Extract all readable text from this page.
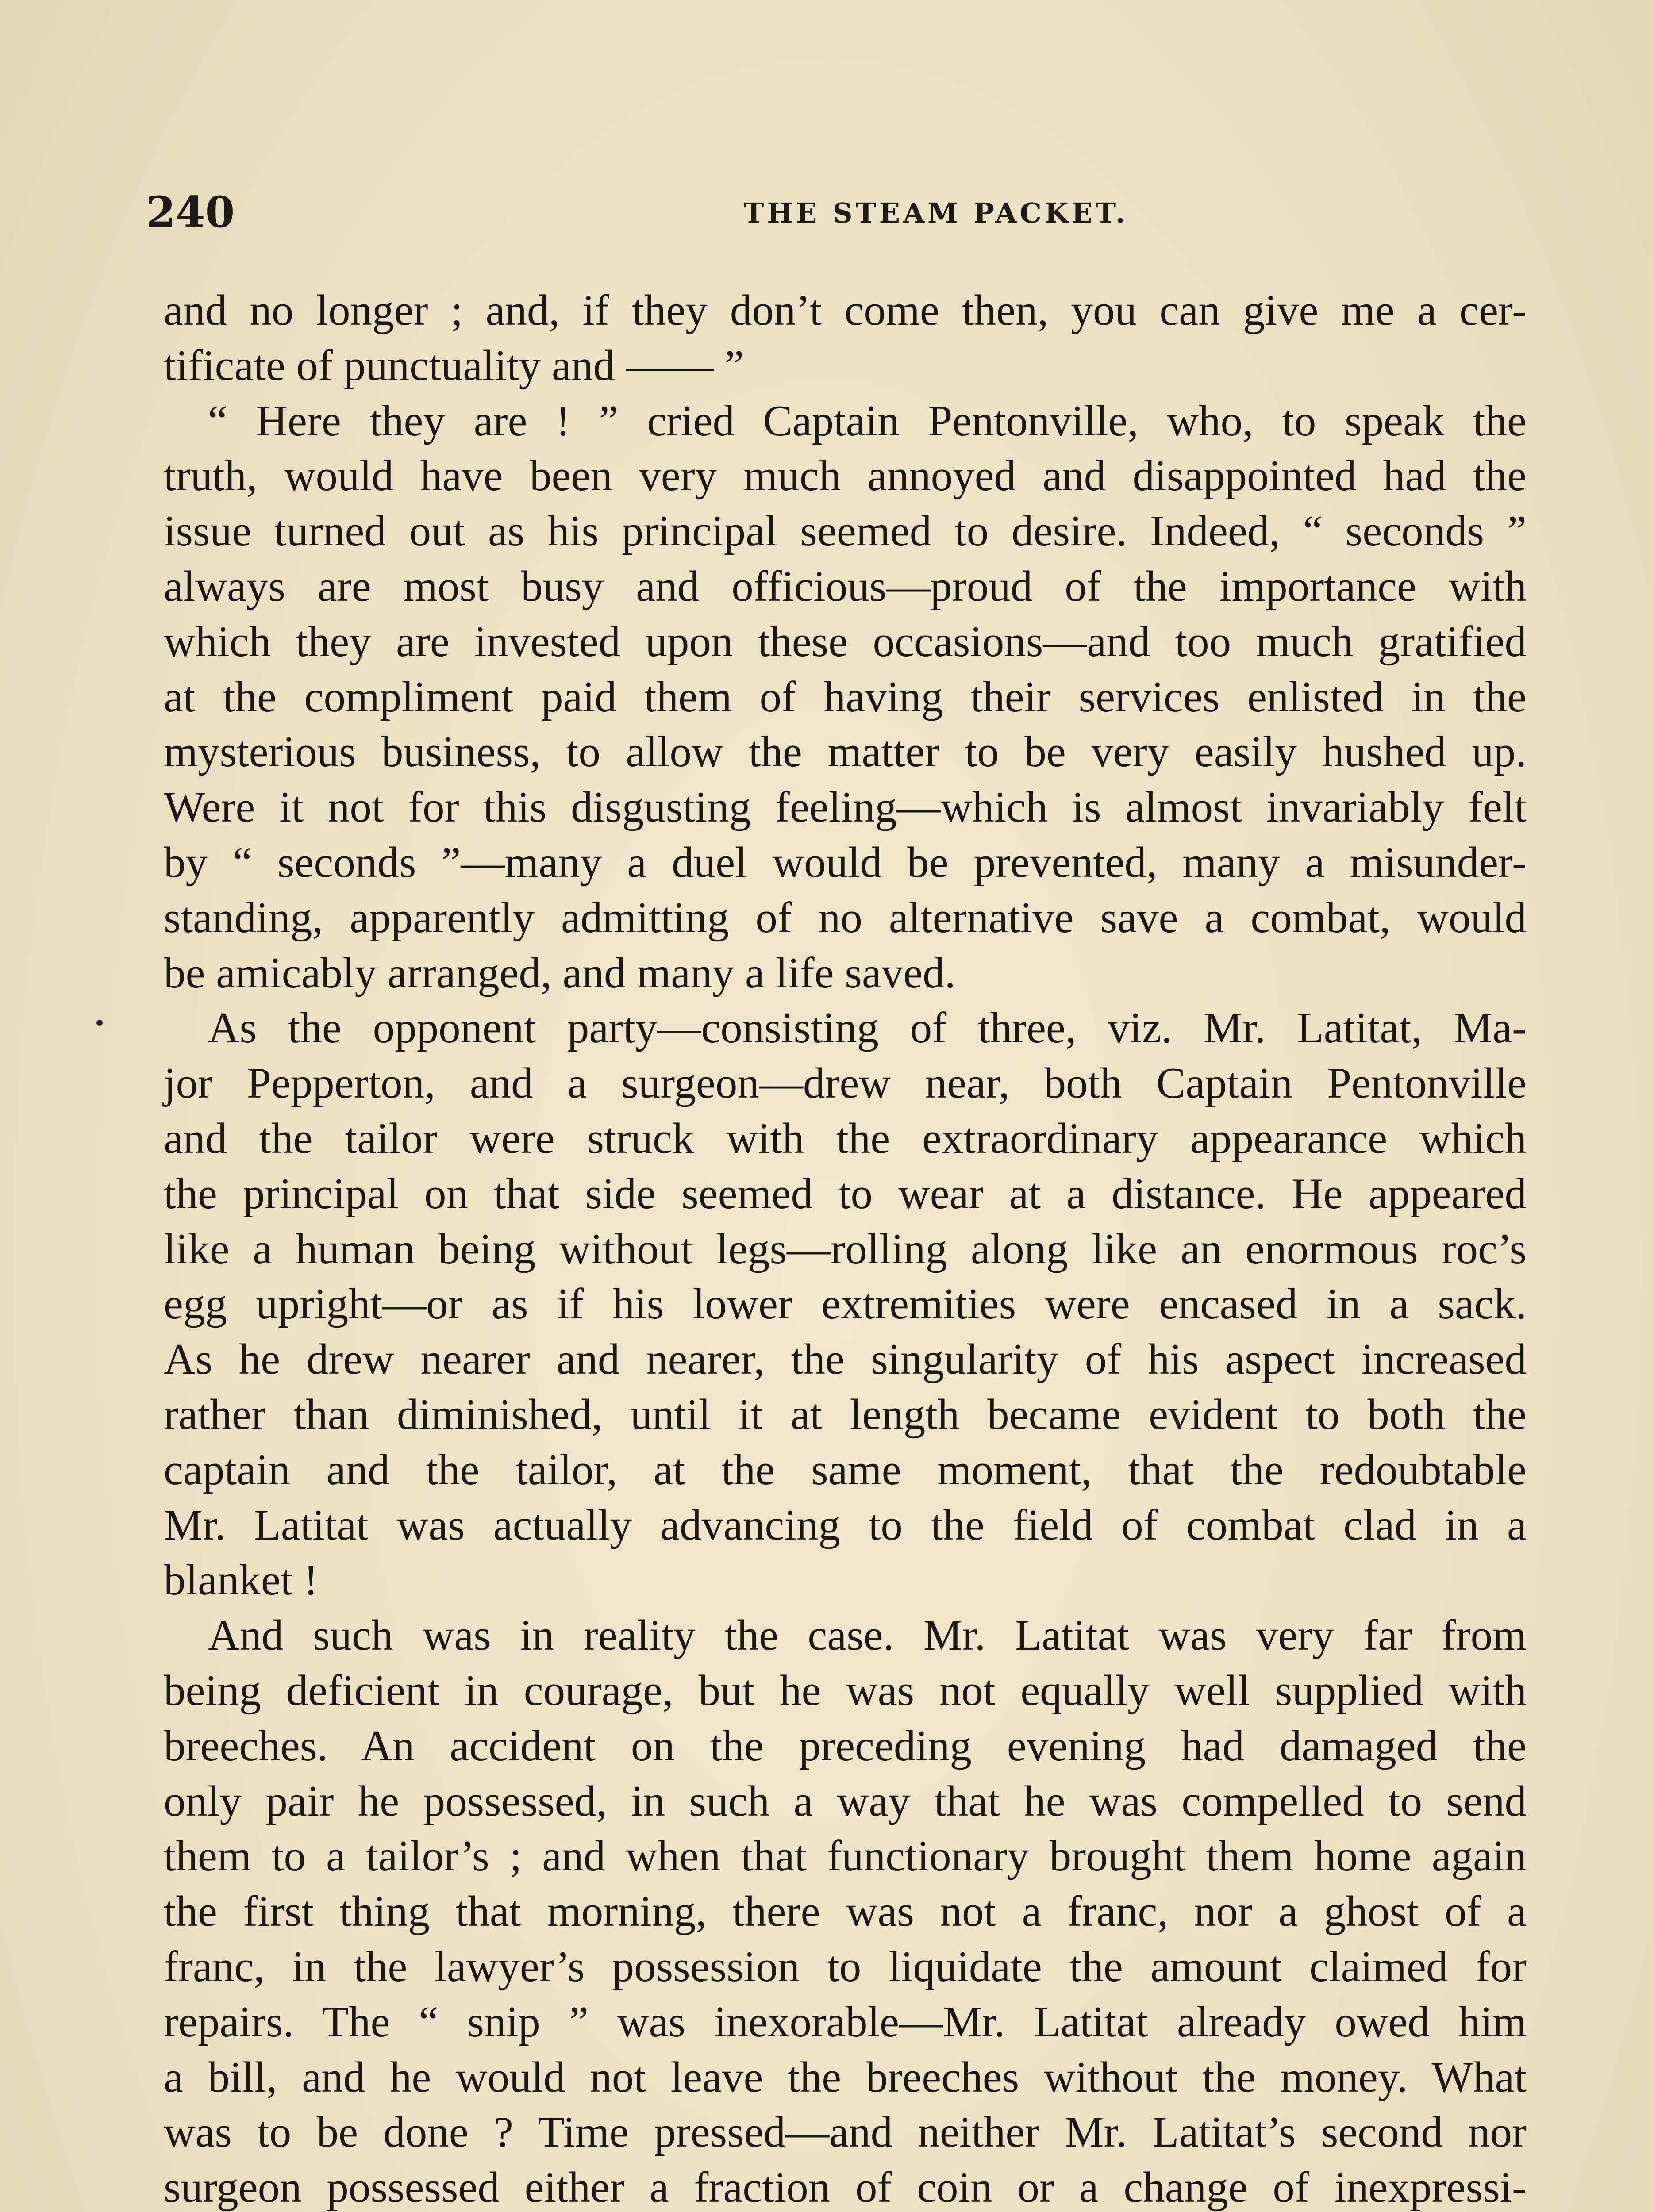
240	THE STEAM PACKET.
and no longer ; and, if they don’t come then, you can give me a cer-
tificate of punctuality and —— ”
“ Here they are ! ” cried Captain Pentonville, who, to speak the
truth, would have been very much annoyed and disappointed had the
issue turned out as his principal seemed to desire. Indeed, “ seconds ”
always are most busy and officious—proud of the importance with
which they are invested upon these occasions—and too much gratified
at the compliment paid them of having their services enlisted in the
mysterious business, to allow the matter to be very easily hushed up.
Were it not for this disgusting feeling—which is almost invariably felt
by “ seconds ”—many a duel would be prevented, many a misunder-
standing, apparently admitting of no alternative save a combat, would
be amicably arranged, and many a life saved.
As the opponent party—consisting of three, viz. Mr. Latitat, Ma-
jor Pepperton, and a surgeon—drew near, both Captain Pentonville
and the tailor were struck with the extraordinary appearance which
the principal on that side seemed to wear at a distance. He appeared
like a human being without legs—rolling along like an enormous roc’s
egg upright—or as if his lower extremities were encased in a sack.
As he drew nearer and nearer, the singularity of his aspect increased
rather than diminished, until it at length became evident to both the
captain and the tailor, at the same moment, that the redoubtable
Mr. Latitat was actually advancing to the field of combat clad in a
blanket !
And such was in reality the case. Mr. Latitat was very far from
being deficient in courage, but he was not equally well supplied with
breeches. An accident on the preceding evening had damaged the
only pair he possessed, in such a way that he was compelled to send
them to a tailor’s ; and when that functionary brought them home again
the first thing that morning, there was not a franc, nor a ghost of a
franc, in the lawyer’s possession to liquidate the amount claimed for
repairs. The “ snip ” was inexorable—Mr. Latitat already owed him
a bill, and he would not leave the breeches without the money. What
was to be done ? Time pressed—and neither Mr. Latitat’s second nor
surgeon possessed either a fraction of coin or a change of inexpressi-
